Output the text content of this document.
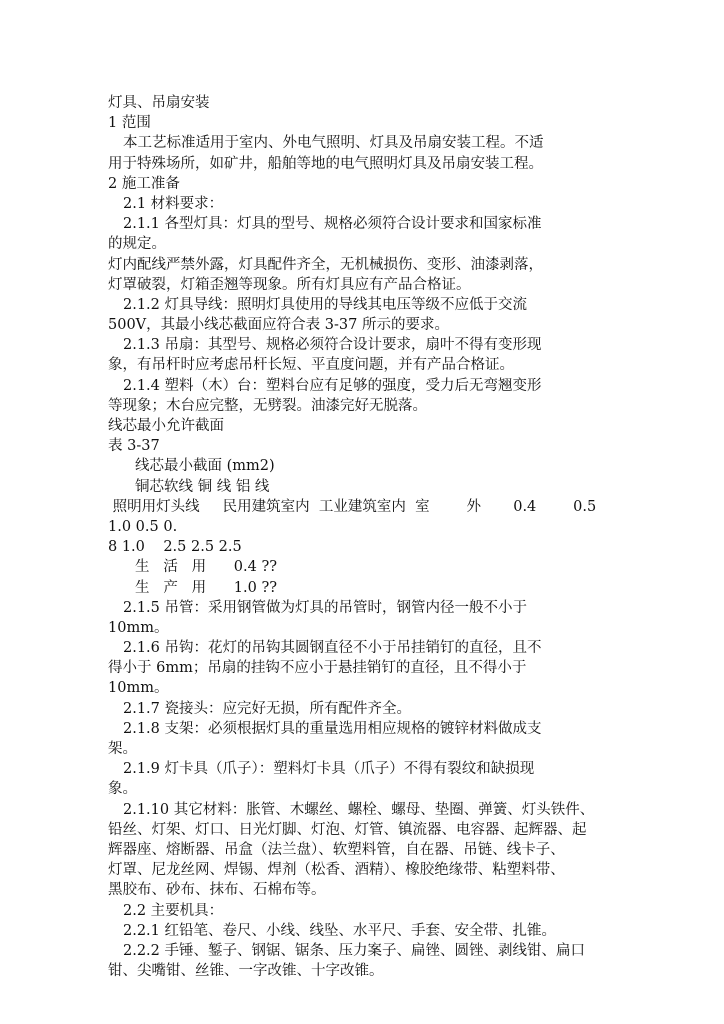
灯具、吊扇安装
1 范围
本工艺标准适用于室内、外电气照明、灯具及吊扇安装工程。不适
用于特殊场所，如矿井，船舶等地的电气照明灯具及吊扇安装工程。
2 施工准备
2.1 材料要求：
2.1.1 各型灯具：灯具的型号、规格必须符合设计要求和国家标准
的规定。
灯内配线严禁外露，灯具配件齐全，无机械损伤、变形、油漆剥落，
灯罩破裂，灯箱歪翘等现象。所有灯具应有产品合格证。
2.1.2 灯具导线：照明灯具使用的导线其电压等级不应低于交流
500V，其最小线芯截面应符合表 3-37 所示的要求。
2.1.3 吊扇：其型号、规格必须符合设计要求，扇叶不得有变形现
象，有吊杆时应考虑吊杆长短、平直度问题，并有产品合格证。
2.1.4 塑料（木）台：塑料台应有足够的强度，受力后无弯翘变形
等现象；木台应完整，无劈裂。油漆完好无脱落。
线芯最小允许截面
表 3-37
线芯最小截面 (mm2)
铜芯软线 铜 线 铝 线
照明用灯头线     民用建筑室内  工业建筑室内  室        外       0.4        0.5
1.0 0.5 0.
8 1.0    2.5 2.5 2.5
生   活   用      0.4 ??
生   产   用      1.0 ??
2.1.5 吊管：采用钢管做为灯具的吊管时，钢管内径一般不小于
10mm。
2.1.6 吊钩：花灯的吊钩其圆钢直径不小于吊挂销钉的直径，且不
得小于 6mm；吊扇的挂钩不应小于悬挂销钉的直径，且不得小于
10mm。
2.1.7 瓷接头：应完好无损，所有配件齐全。
2.1.8 支架：必须根据灯具的重量选用相应规格的镀锌材料做成支
架。
2.1.9 灯卡具（爪子）：塑料灯卡具（爪子）不得有裂纹和缺损现
象。
2.1.10 其它材料：胀管、木螺丝、螺栓、螺母、垫圈、弹簧、灯头铁件、
铅丝、灯架、灯口、日光灯脚、灯泡、灯管、镇流器、电容器、起辉器、起
辉器座、熔断器、吊盒（法兰盘）、软塑料管，自在器、吊链、线卡子、
灯罩、尼龙丝网、焊锡、焊剂（松香、酒精）、橡胶绝缘带、粘塑料带、
黑胶布、砂布、抹布、石棉布等。
2.2 主要机具：
2.2.1 红铅笔、卷尺、小线、线坠、水平尺、手套、安全带、扎锥。
2.2.2 手锤、錾子、钢锯、锯条、压力案子、扁锉、圆锉、剥线钳、扁口
钳、尖嘴钳、丝锥、一字改锥、十字改锥。
